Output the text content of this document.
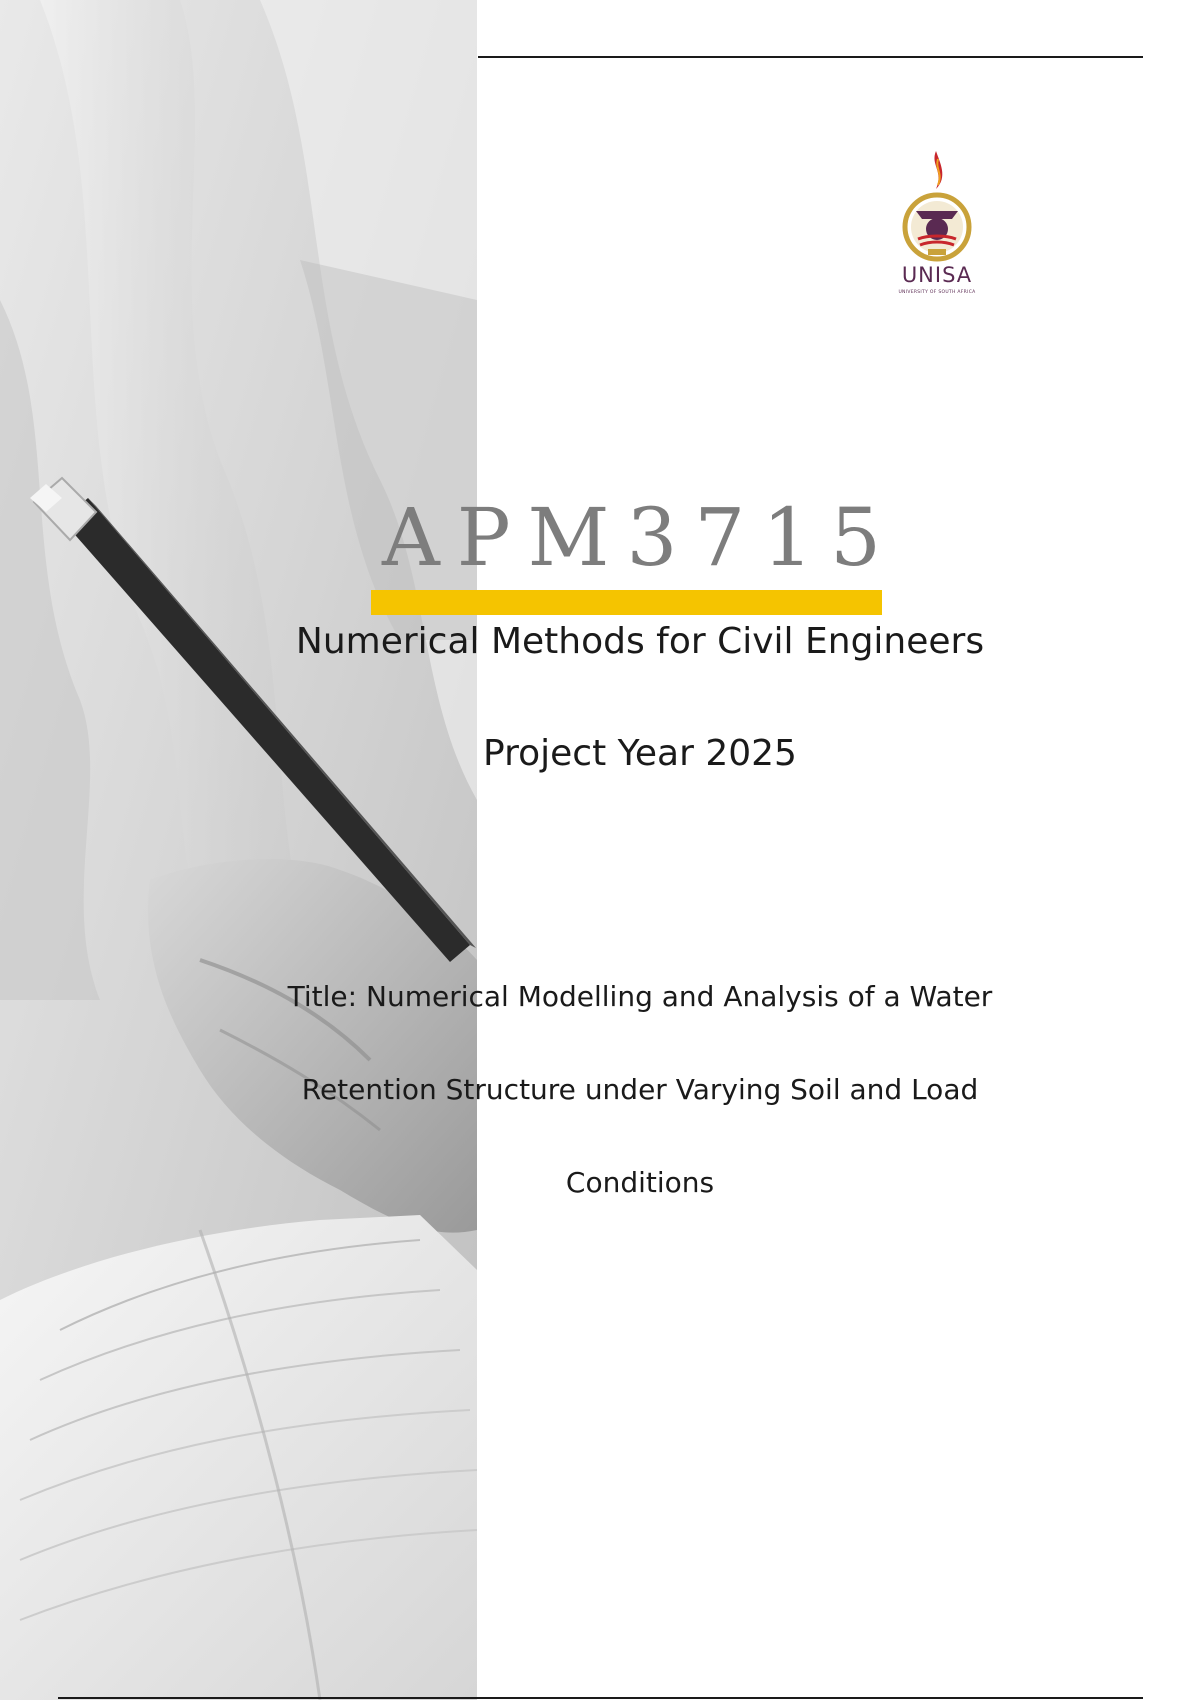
UNISA
UNIVERSITY OF SOUTH AFRICA
APM3715
Numerical Methods for Civil Engineers
Project Year 2025
Title: Numerical Modelling and Analysis of a Water
Retention Structure under Varying Soil and Load
Conditions
